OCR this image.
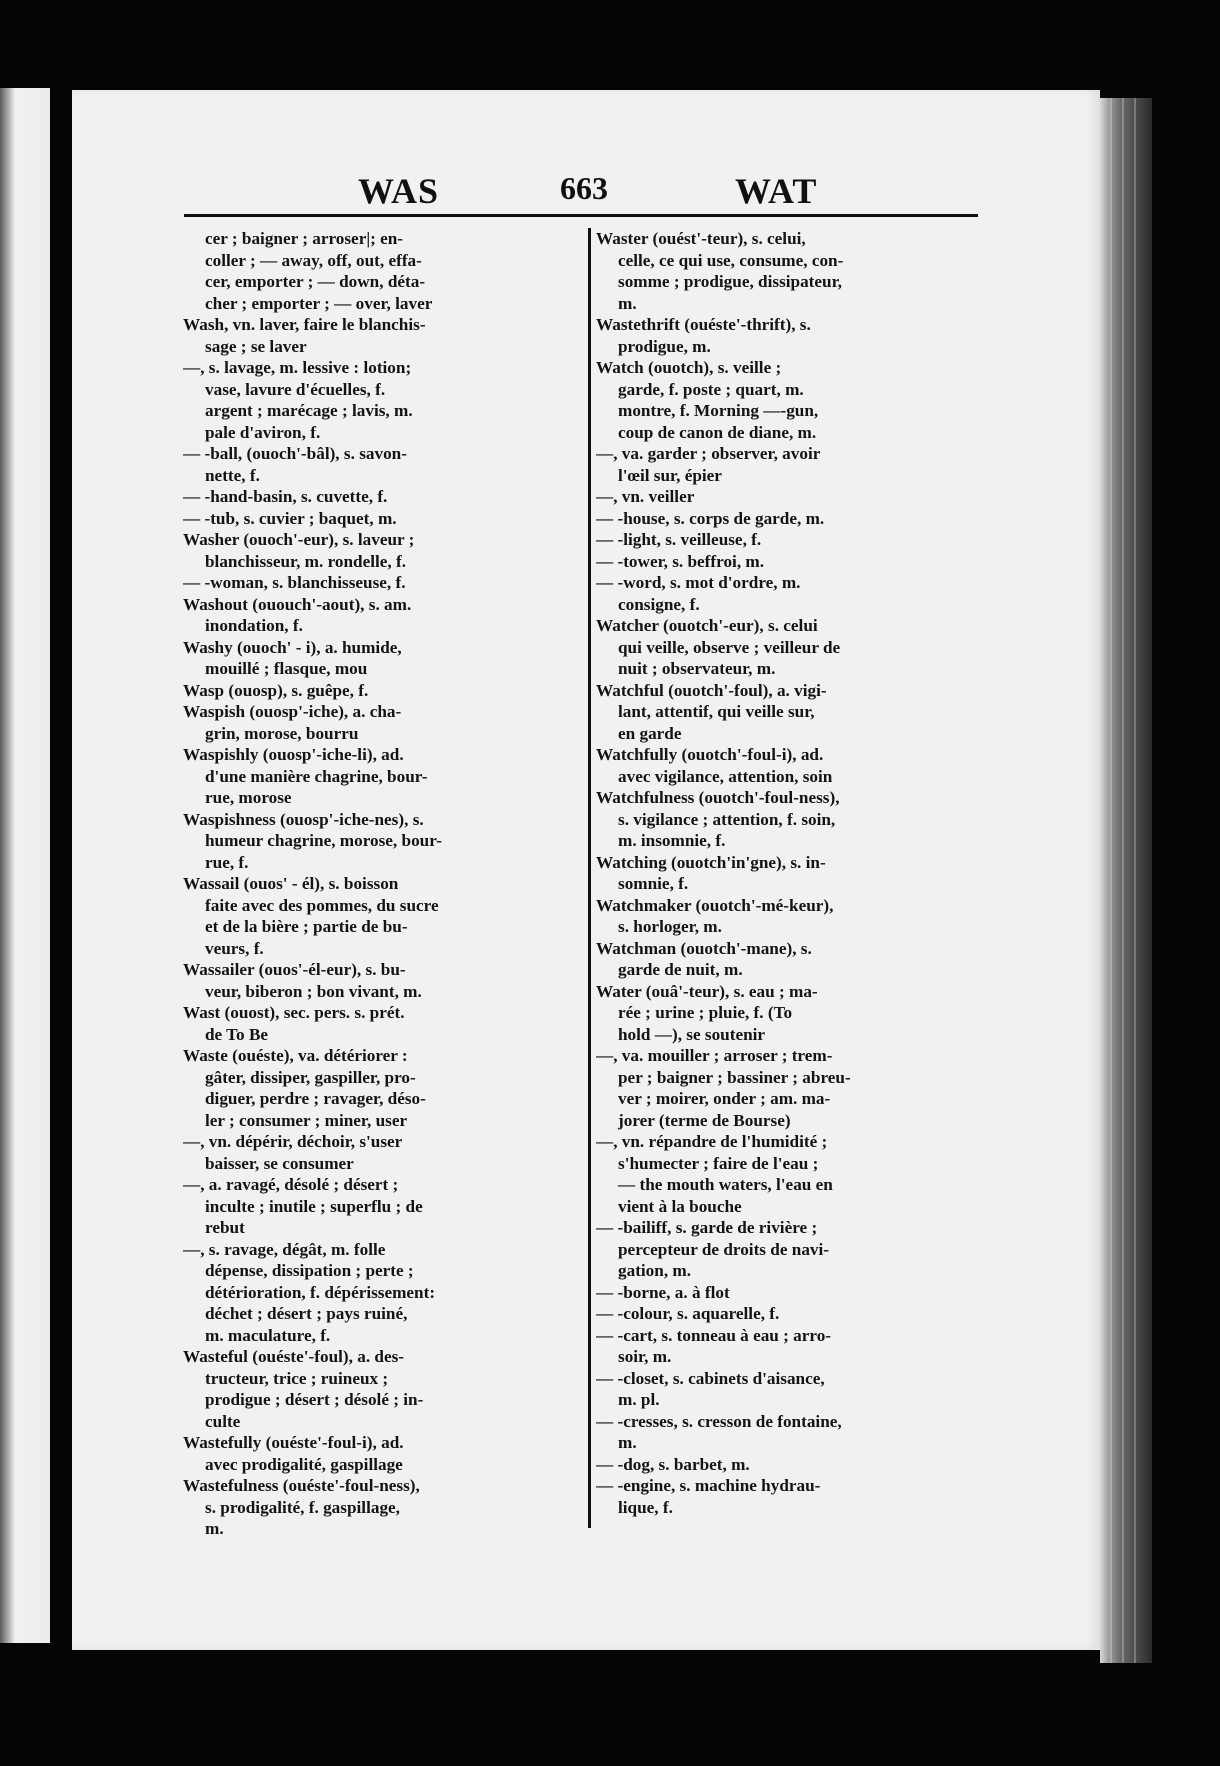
WAS	663	WAT
cer ; baigner ; arroser|; en-
coller ; — away, off, out, effa-
cer, emporter ; — down, déta-
cher ; emporter ; — over, laver
Wash, vn. laver, faire le blanchis-
sage ; se laver
—, s. lavage, m. lessive : lotion;
vase, lavure d'écuelles, f.
argent ; marécage ; lavis, m.
pale d'aviron, f.
— -ball, (ouoch'-bâl), s. savon-
nette, f.
— -hand-basin, s. cuvette, f.
— -tub, s. cuvier ; baquet, m.
Washer (ouoch'-eur), s. laveur ;
blanchisseur, m. rondelle, f.
— -woman, s. blanchisseuse, f.
Washout (ououch'-aout), s. am.
inondation, f.
Washy (ouoch' - i), a. humide,
mouillé ; flasque, mou
Wasp (ouosp), s. guêpe, f.
Waspish (ouosp'-iche), a. cha-
grin, morose, bourru
Waspishly (ouosp'-iche-li), ad.
d'une manière chagrine, bour-
rue, morose
Waspishness (ouosp'-iche-nes), s.
humeur chagrine, morose, bour-
rue, f.
Wassail (ouos' - él), s. boisson
faite avec des pommes, du sucre
et de la bière ; partie de bu-
veurs, f.
Wassailer (ouos'-él-eur), s. bu-
veur, biberon ; bon vivant, m.
Wast (ouost), sec. pers. s. prét.
de To Be
Waste (ouéste), va. détériorer :
gâter, dissiper, gaspiller, pro-
diguer, perdre ; ravager, déso-
ler ; consumer ; miner, user
—, vn. dépérir, déchoir, s'user
baisser, se consumer
—, a. ravagé, désolé ; désert ;
inculte ; inutile ; superflu ; de
rebut
—, s. ravage, dégât, m. folle
dépense, dissipation ; perte ;
détérioration, f. dépérissement:
déchet ; désert ; pays ruiné,
m. maculature, f.
Wasteful (ouéste'-foul), a. des-
tructeur, trice ; ruineux ;
prodigue ; désert ; désolé ; in-
culte
Wastefully (ouéste'-foul-i), ad.
avec prodigalité, gaspillage
Wastefulness (ouéste'-foul-ness),
s. prodigalité, f. gaspillage,
m.
Waster (ouést'-teur), s. celui,
celle, ce qui use, consume, con-
somme ; prodigue, dissipateur,
m.
Wastethrift (ouéste'-thrift), s.
prodigue, m.
Watch (ouotch), s. veille ;
garde, f. poste ; quart, m.
montre, f. Morning —-gun,
coup de canon de diane, m.
—, va. garder ; observer, avoir
l'œil sur, épier
—, vn. veiller
— -house, s. corps de garde, m.
— -light, s. veilleuse, f.
— -tower, s. beffroi, m.
— -word, s. mot d'ordre, m.
consigne, f.
Watcher (ouotch'-eur), s. celui
qui veille, observe ; veilleur de
nuit ; observateur, m.
Watchful (ouotch'-foul), a. vigi-
lant, attentif, qui veille sur,
en garde
Watchfully (ouotch'-foul-i), ad.
avec vigilance, attention, soin
Watchfulness (ouotch'-foul-ness),
s. vigilance ; attention, f. soin,
m. insomnie, f.
Watching (ouotch'in'gne), s. in-
somnie, f.
Watchmaker (ouotch'-mé-keur),
s. horloger, m.
Watchman (ouotch'-mane), s.
garde de nuit, m.
Water (ouâ'-teur), s. eau ; ma-
rée ; urine ; pluie, f. (To
hold —), se soutenir
—, va. mouiller ; arroser ; trem-
per ; baigner ; bassiner ; abreu-
ver ; moirer, onder ; am. ma-
jorer (terme de Bourse)
—, vn. répandre de l'humidité ;
s'humecter ; faire de l'eau ;
— the mouth waters, l'eau en
vient à la bouche
— -bailiff, s. garde de rivière ;
percepteur de droits de navi-
gation, m.
— -borne, a. à flot
— -colour, s. aquarelle, f.
— -cart, s. tonneau à eau ; arro-
soir, m.
— -closet, s. cabinets d'aisance,
m. pl.
— -cresses, s. cresson de fontaine,
m.
— -dog, s. barbet, m.
— -engine, s. machine hydrau-
lique, f.
